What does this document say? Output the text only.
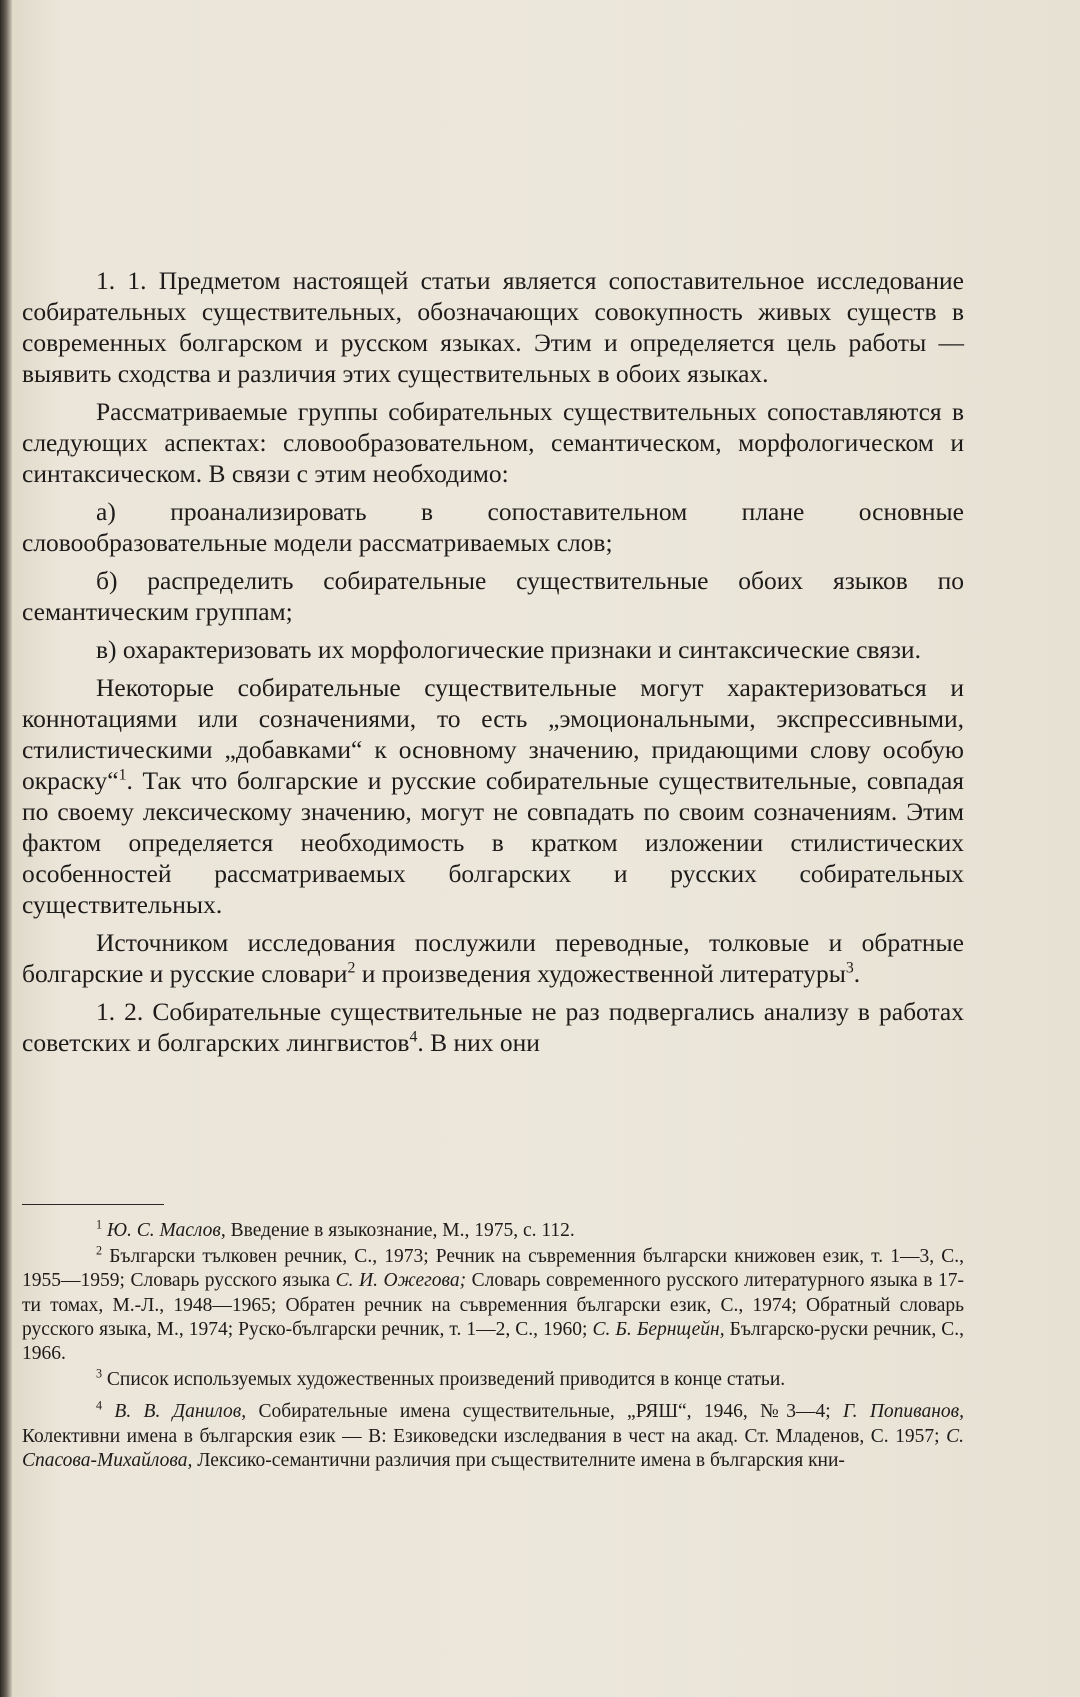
1. 1. Предметом настоящей статьи является сопоставительное исследование собирательных существительных, обозначающих совокупность живых существ в современных болгарском и русском языках. Этим и определяется цель работы — выявить сходства и различия этих существительных в обоих языках.

Рассматриваемые группы собирательных существительных сопоставляются в следующих аспектах: словообразовательном, семантическом, морфологическом и синтаксическом. В связи с этим необходимо:

а) проанализировать в сопоставительном плане основные словообразовательные модели рассматриваемых слов;

б) распределить собирательные существительные обоих языков по семантическим группам;

в) охарактеризовать их морфологические признаки и синтаксические связи.

Некоторые собирательные существительные могут характеризоваться и коннотациями или созначениями, то есть „эмоциональными, экспрессивными, стилистическими „добавками“ к основному значению, придающими слову особую окраску“$^1$. Так что болгарские и русские собирательные существительные, совпадая по своему лексическому значению, могут не совпадать по своим созначениям. Этим фактом определяется необходимость в кратком изложении стилистических особенностей рассматриваемых болгарских и русских собирательных существительных.

Источником исследования послужили переводные, толковые и обратные болгарские и русские словари$^2$ и произведения художественной литературы$^3$.

1. 2. Собирательные существительные не раз подвергались анализу в работах советских и болгарских лингвистов$^4$. В них они

$^1$ Ю. С. Маслов, Введение в языкознание, М., 1975, с. 112.

$^2$ Български тълковен речник, С., 1973; Речник на съвременния български книжовен език, т. 1—3, С., 1955—1959; Словарь русского языка С. И. Ожегова; Словарь современного русского литературного языка в 17-ти томах, М.-Л., 1948—1965; Обратен речник на съвременния български език, С., 1974; Обратный словарь русского языка, М., 1974; Руско-български речник, т. 1—2, С., 1960; С. Б. Бернщейн, Българско-руски речник, С., 1966.

$^3$ Список используемых художественных произведений приводится в конце статьи.

$^4$ В. В. Данилов, Собирательные имена существительные, „РЯШ“, 1946, №3—4; Г. Попиванов, Колективни имена в българския език — В: Езиковедски изследвания в чест на акад. Ст. Младенов, С. 1957; С. Спасова-Михайлова, Лексико-семантични различия при съществителните имена в българския кни-
